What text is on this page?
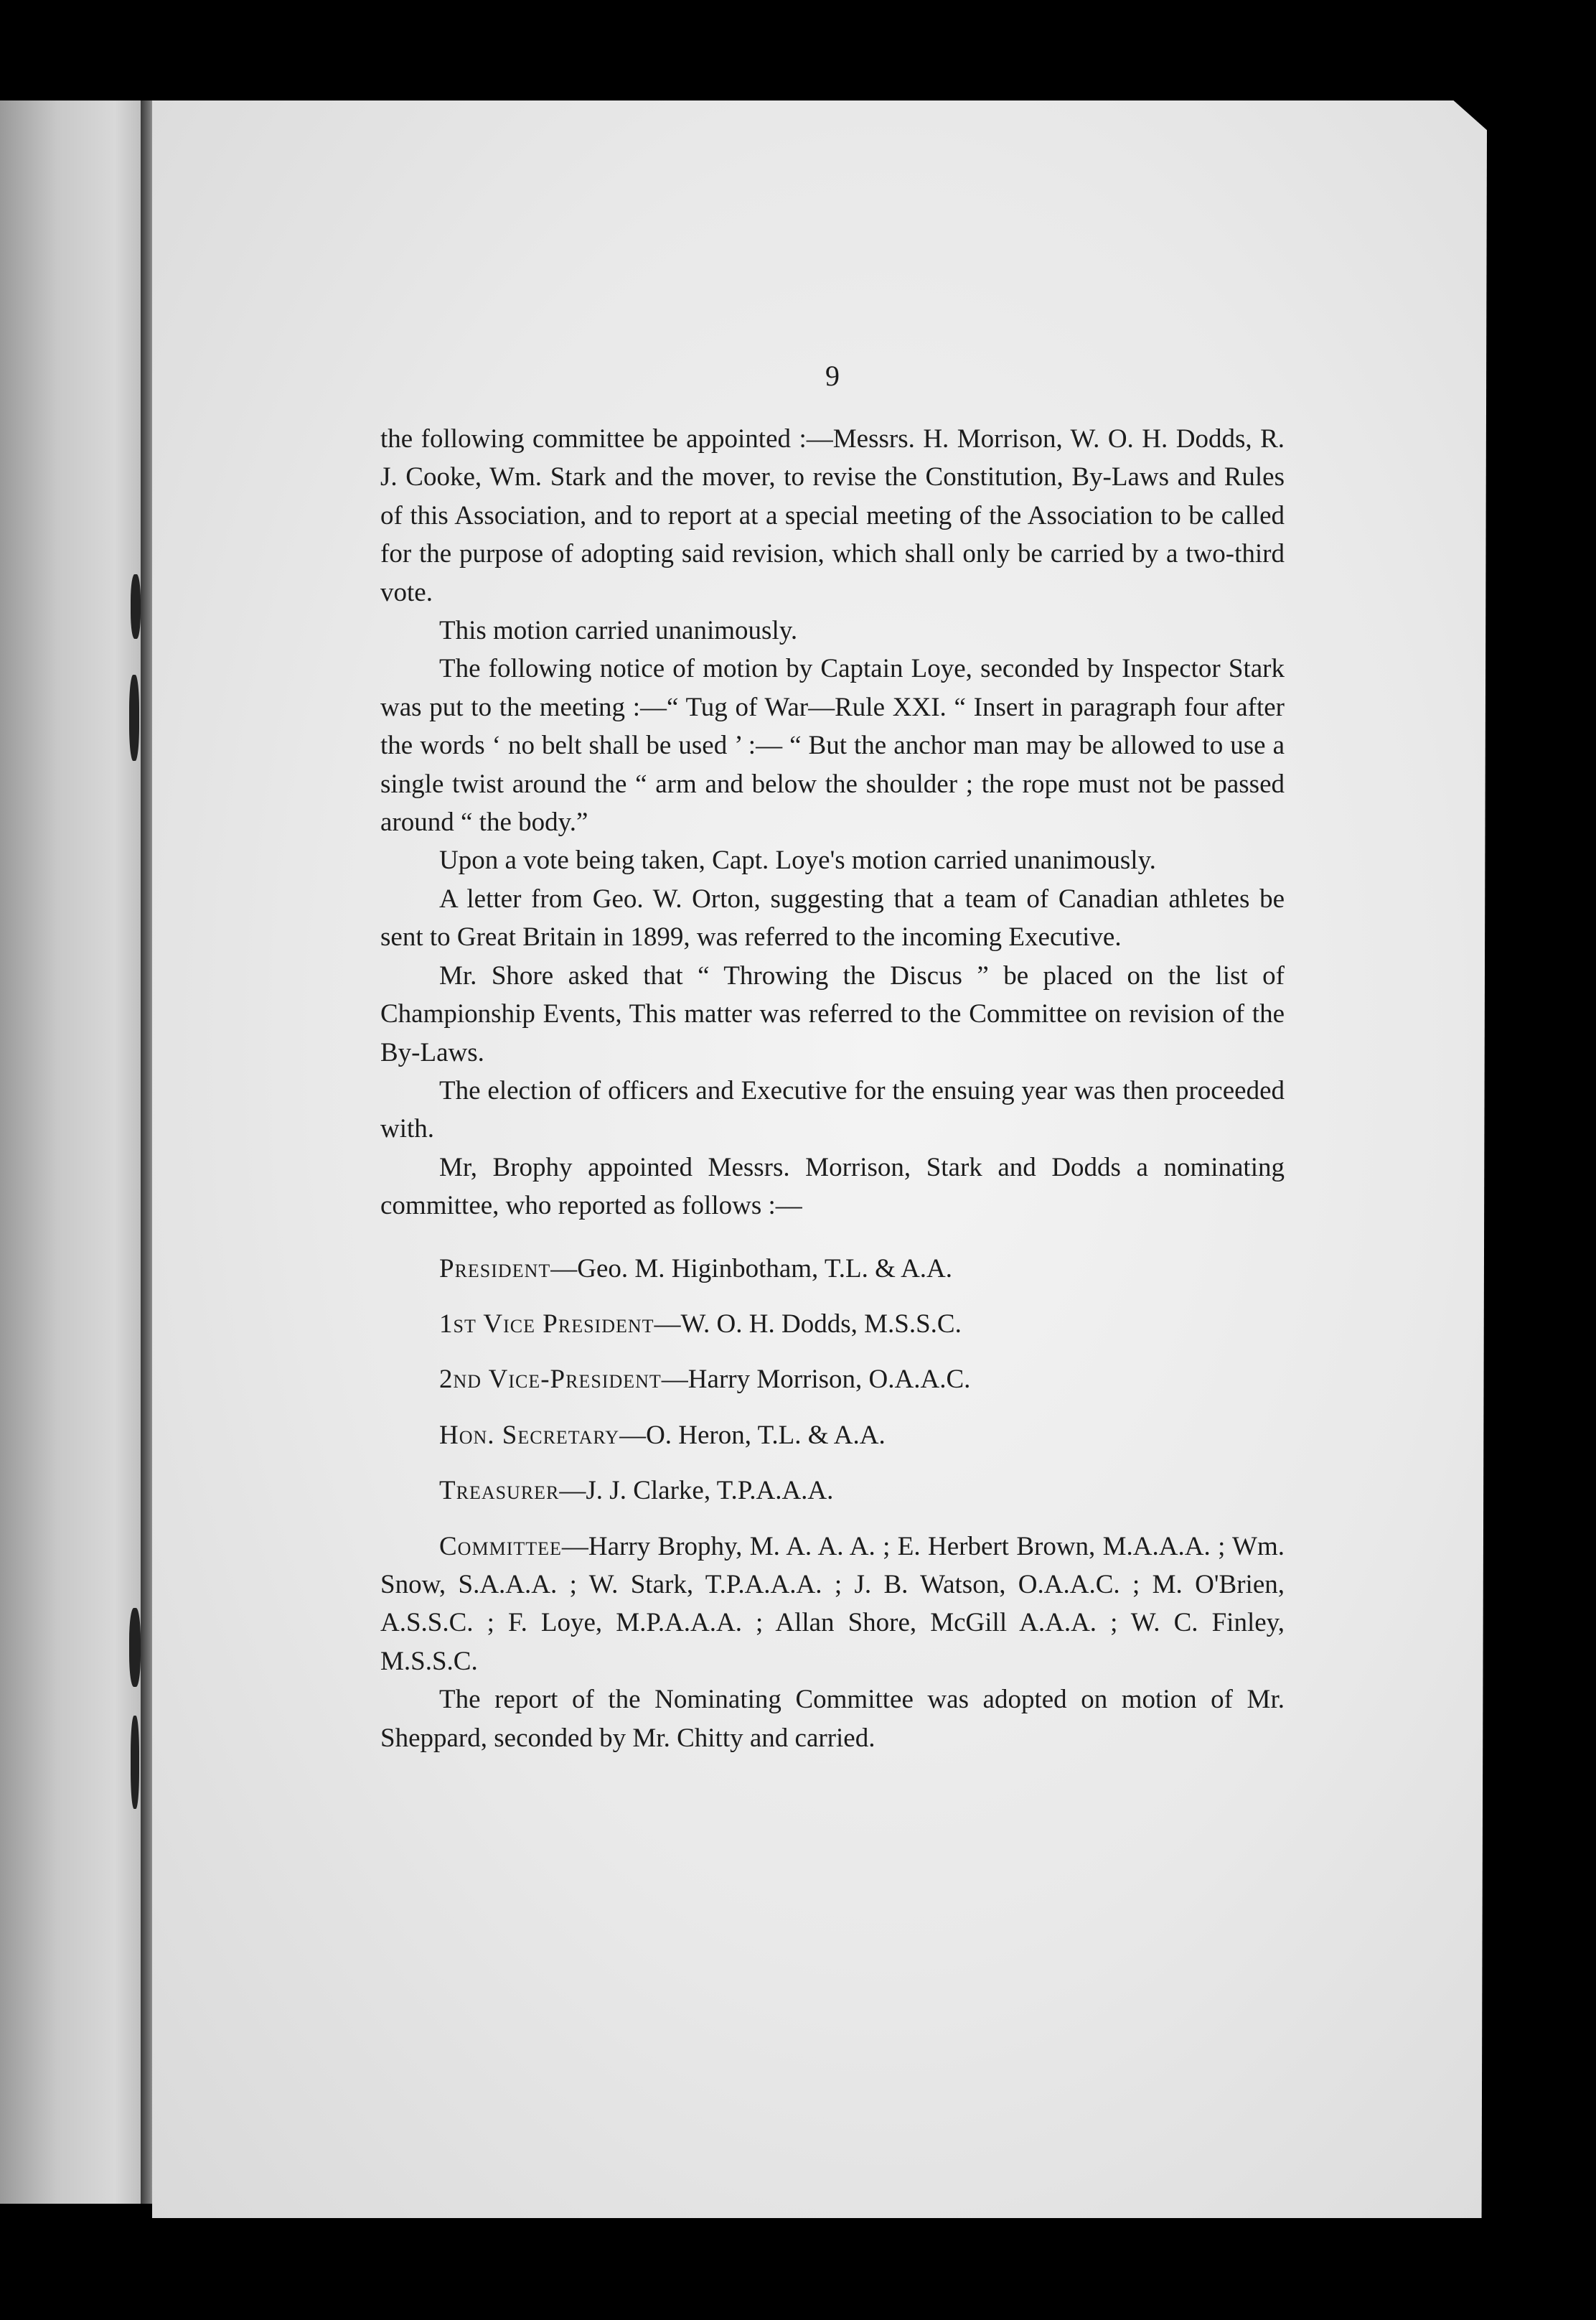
9

the following committee be appointed :—Messrs. H. Morrison, W. O. H. Dodds, R. J. Cooke, Wm. Stark and the mover, to revise the Constitution, By-Laws and Rules of this Association, and to report at a special meeting of the Association to be called for the purpose of adopting said revision, which shall only be carried by a two-third vote.

This motion carried unanimously.

The following notice of motion by Captain Loye, seconded by Inspector Stark was put to the meeting :—“ Tug of War—Rule XXI. “ Insert in paragraph four after the words ‘ no belt shall be used ’ :— “ But the anchor man may be allowed to use a single twist around the “ arm and below the shoulder ; the rope must not be passed around “ the body.”

Upon a vote being taken, Capt. Loye's motion carried unanimously.

A letter from Geo. W. Orton, suggesting that a team of Canadian athletes be sent to Great Britain in 1899, was referred to the incoming Executive.

Mr. Shore asked that “ Throwing the Discus ” be placed on the list of Championship Events, This matter was referred to the Committee on revision of the By-Laws.

The election of officers and Executive for the ensuing year was then proceeded with.

Mr, Brophy appointed Messrs. Morrison, Stark and Dodds a nominating committee, who reported as follows :—

President—Geo. M. Higinbotham, T.L. & A.A.
1st Vice President—W. O. H. Dodds, M.S.S.C.
2nd Vice-President—Harry Morrison, O.A.A.C.
Hon. Secretary—O. Heron, T.L. & A.A.
Treasurer—J. J. Clarke, T.P.A.A.A.

Committee—Harry Brophy, M. A. A. A. ; E. Herbert Brown, M.A.A.A. ; Wm. Snow, S.A.A.A. ; W. Stark, T.P.A.A.A. ; J. B. Watson, O.A.A.C. ; M. O'Brien, A.S.S.C. ; F. Loye, M.P.A.A.A. ; Allan Shore, McGill A.A.A. ; W. C. Finley, M.S.S.C.

The report of the Nominating Committee was adopted on motion of Mr. Sheppard, seconded by Mr. Chitty and carried.
